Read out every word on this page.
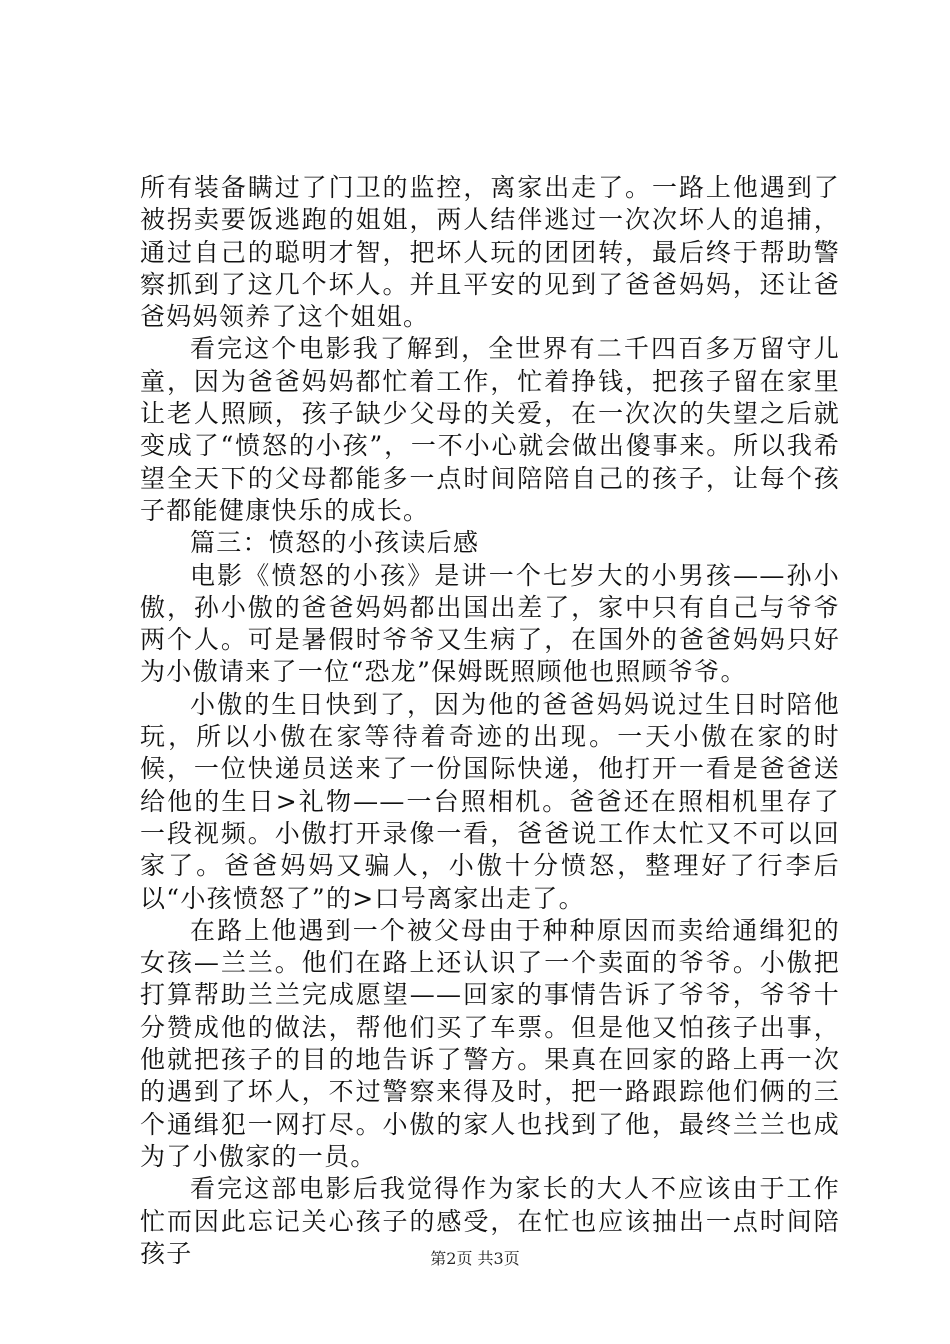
所有装备瞒过了门卫的监控，离家出走了。一路上他遇到了被拐卖要饭逃跑的姐姐，两人结伴逃过一次次坏人的追捕，通过自己的聪明才智，把坏人玩的团团转，最后终于帮助警察抓到了这几个坏人。并且平安的见到了爸爸妈妈，还让爸爸妈妈领养了这个姐姐。

看完这个电影我了解到，全世界有二千四百多万留守儿童，因为爸爸妈妈都忙着工作，忙着挣钱，把孩子留在家里让老人照顾，孩子缺少父母的关爱，在一次次的失望之后就变成了“愤怒的小孩”，一不小心就会做出傻事来。所以我希望全天下的父母都能多一点时间陪陪自己的孩子，让每个孩子都能健康快乐的成长。

篇三：愤怒的小孩读后感

电影《愤怒的小孩》是讲一个七岁大的小男孩——孙小傲，孙小傲的爸爸妈妈都出国出差了，家中只有自己与爷爷两个人。可是暑假时爷爷又生病了，在国外的爸爸妈妈只好为小傲请来了一位“恐龙”保姆既照顾他也照顾爷爷。

小傲的生日快到了，因为他的爸爸妈妈说过生日时陪他玩，所以小傲在家等待着奇迹的出现。一天小傲在家的时候，一位快递员送来了一份国际快递，他打开一看是爸爸送给他的生日>礼物——一台照相机。爸爸还在照相机里存了一段视频。小傲打开录像一看，爸爸说工作太忙又不可以回家了。爸爸妈妈又骗人，小傲十分愤怒，整理好了行李后以“小孩愤怒了”的>口号离家出走了。

在路上他遇到一个被父母由于种种原因而卖给通缉犯的女孩—兰兰。他们在路上还认识了一个卖面的爷爷。小傲把打算帮助兰兰完成愿望——回家的事情告诉了爷爷，爷爷十分赞成他的做法，帮他们买了车票。但是他又怕孩子出事，他就把孩子的目的地告诉了警方。果真在回家的路上再一次的遇到了坏人，不过警察来得及时，把一路跟踪他们俩的三个通缉犯一网打尽。小傲的家人也找到了他，最终兰兰也成为了小傲家的一员。

看完这部电影后我觉得作为家长的大人不应该由于工作忙而因此忘记关心孩子的感受，在忙也应该抽出一点时间陪孩子	第2页 共3页
